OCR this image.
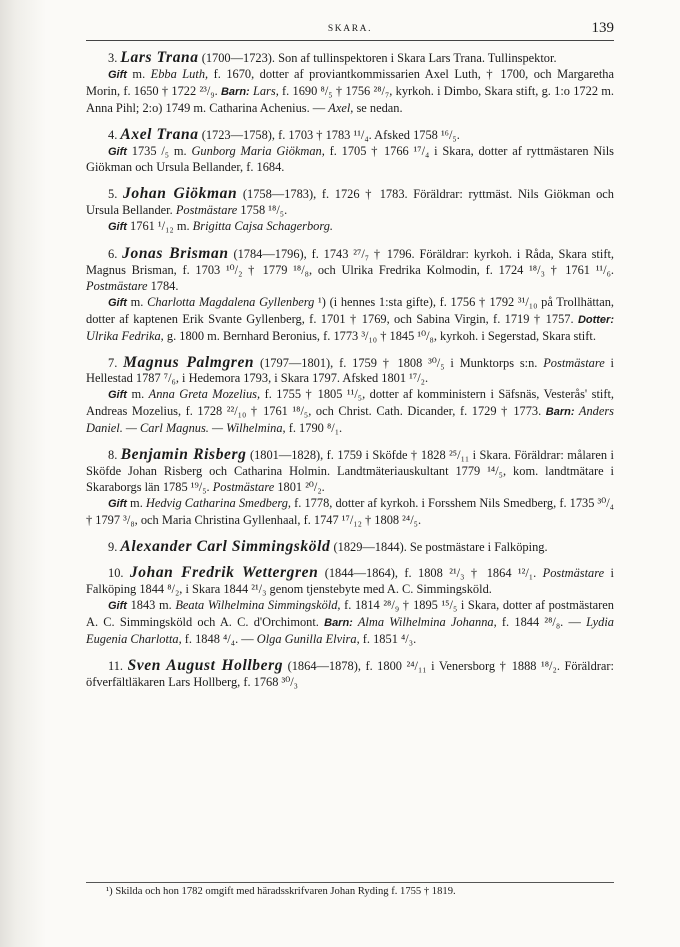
SKARA.	139

3. Lars Trana (1700—1723). Son af tullinspektoren i Skara Lars Trana. Tullinspektor.

Gift m. Ebba Luth, f. 1670, dotter af proviantkommissarien Axel Luth, † 1700, och Margaretha Morin, f. 1650 † 1722 ²³/₉. Barn: Lars, f. 1690 ⁸/₅ † 1756 ²⁸/₇, kyrkoh. i Dimbo, Skara stift, g. 1:o 1722 m. Anna Pihl; 2:o) 1749 m. Catharina Achenius. — Axel, se nedan.

4. Axel Trana (1723—1758), f. 1703 † 1783 ¹¹/₄. Afsked 1758 ¹⁶/₅.

Gift 1735 /₅ m. Gunborg Maria Giökman, f. 1705 † 1766 ¹⁷/₄ i Skara, dotter af ryttmästaren Nils Giökman och Ursula Bellander, f. 1684.

5. Johan Giökman (1758—1783), f. 1726 † 1783. Föräldrar: ryttmäst. Nils Giökman och Ursula Bellander. Postmästare 1758 ¹⁸/₅.

Gift 1761 ¹/₁₂ m. Brigitta Cajsa Schagerborg.

6. Jonas Brisman (1784—1796), f. 1743 ²⁷/₇ † 1796. Föräldrar: kyrkoh. i Råda, Skara stift, Magnus Brisman, f. 1703 ¹⁰/₂ † 1779 ¹⁸/₈, och Ulrika Fredrika Kolmodin, f. 1724 ¹⁸/₃ † 1761 ¹¹/₆. Postmästare 1784.

Gift m. Charlotta Magdalena Gyllenberg ¹) (i hennes 1:sta gifte), f. 1756 † 1792 ³¹/₁₀ på Trollhättan, dotter af kaptenen Erik Svante Gyllenberg, f. 1701 † 1769, och Sabina Virgin, f. 1719 † 1757. Dotter: Ulrika Fedrika, g. 1800 m. Bernhard Beronius, f. 1773 ³/₁₀ † 1845 ¹⁰/₈, kyrkoh. i Segerstad, Skara stift.

7. Magnus Palmgren (1797—1801), f. 1759 † 1808 ³⁰/₅ i Munktorps s:n. Postmästare i Hellestad 1787 ⁷/₆, i Hedemora 1793, i Skara 1797. Afsked 1801 ¹⁷/₂.

Gift m. Anna Greta Mozelius, f. 1755 † 1805 ¹¹/₅, dotter af komministern i Säfsnäs, Vesterås' stift, Andreas Mozelius, f. 1728 ²²/₁₀ † 1761 ¹⁸/₅, och Christ. Cath. Dicander, f. 1729 † 1773. Barn: Anders Daniel. — Carl Magnus. — Wilhelmina, f. 1790 ⁸/₁.

8. Benjamin Risberg (1801—1828), f. 1759 i Sköfde † 1828 ²⁵/₁₁ i Skara. Föräldrar: målaren i Sköfde Johan Risberg och Catharina Holmin. Landtmäteriauskultant 1779 ¹⁴/₅, kom. landtmätare i Skaraborgs län 1785 ¹⁹/₅. Postmästare 1801 ²⁰/₂.

Gift m. Hedvig Catharina Smedberg, f. 1778, dotter af kyrkoh. i Forsshem Nils Smedberg, f. 1735 ³⁰/₄ † 1797 ³/₈, och Maria Christina Gyllenhaal, f. 1747 ¹⁷/₁₂ † 1808 ²⁴/₅.

9. Alexander Carl Simmingsköld (1829—1844). Se postmästare i Falköping.

10. Johan Fredrik Wettergren (1844—1864), f. 1808 ²¹/₃ † 1864 ¹²/₁. Postmästare i Falköping 1844 ⁸/₂, i Skara 1844 ²¹/₃ genom tjenstebyte med A. C. Simmingsköld.

Gift 1843 m. Beata Wilhelmina Simmingsköld, f. 1814 ²⁸/₉ † 1895 ¹⁵/₅ i Skara, dotter af postmästaren A. C. Simmingsköld och A. C. d'Orchimont. Barn: Alma Wilhelmina Johanna, f. 1844 ²⁸/₈. — Lydia Eugenia Charlotta, f. 1848 ⁴/₄. — Olga Gunilla Elvira, f. 1851 ⁴/₃.

11. Sven August Hollberg (1864—1878), f. 1800 ²⁴/₁₁ i Venersborg † 1888 ¹⁸/₂. Föräldrar: öfverfältläkaren Lars Hollberg, f. 1768 ³⁰/₃

¹) Skilda och hon 1782 omgift med häradsskrifvaren Johan Ryding f. 1755 † 1819.
